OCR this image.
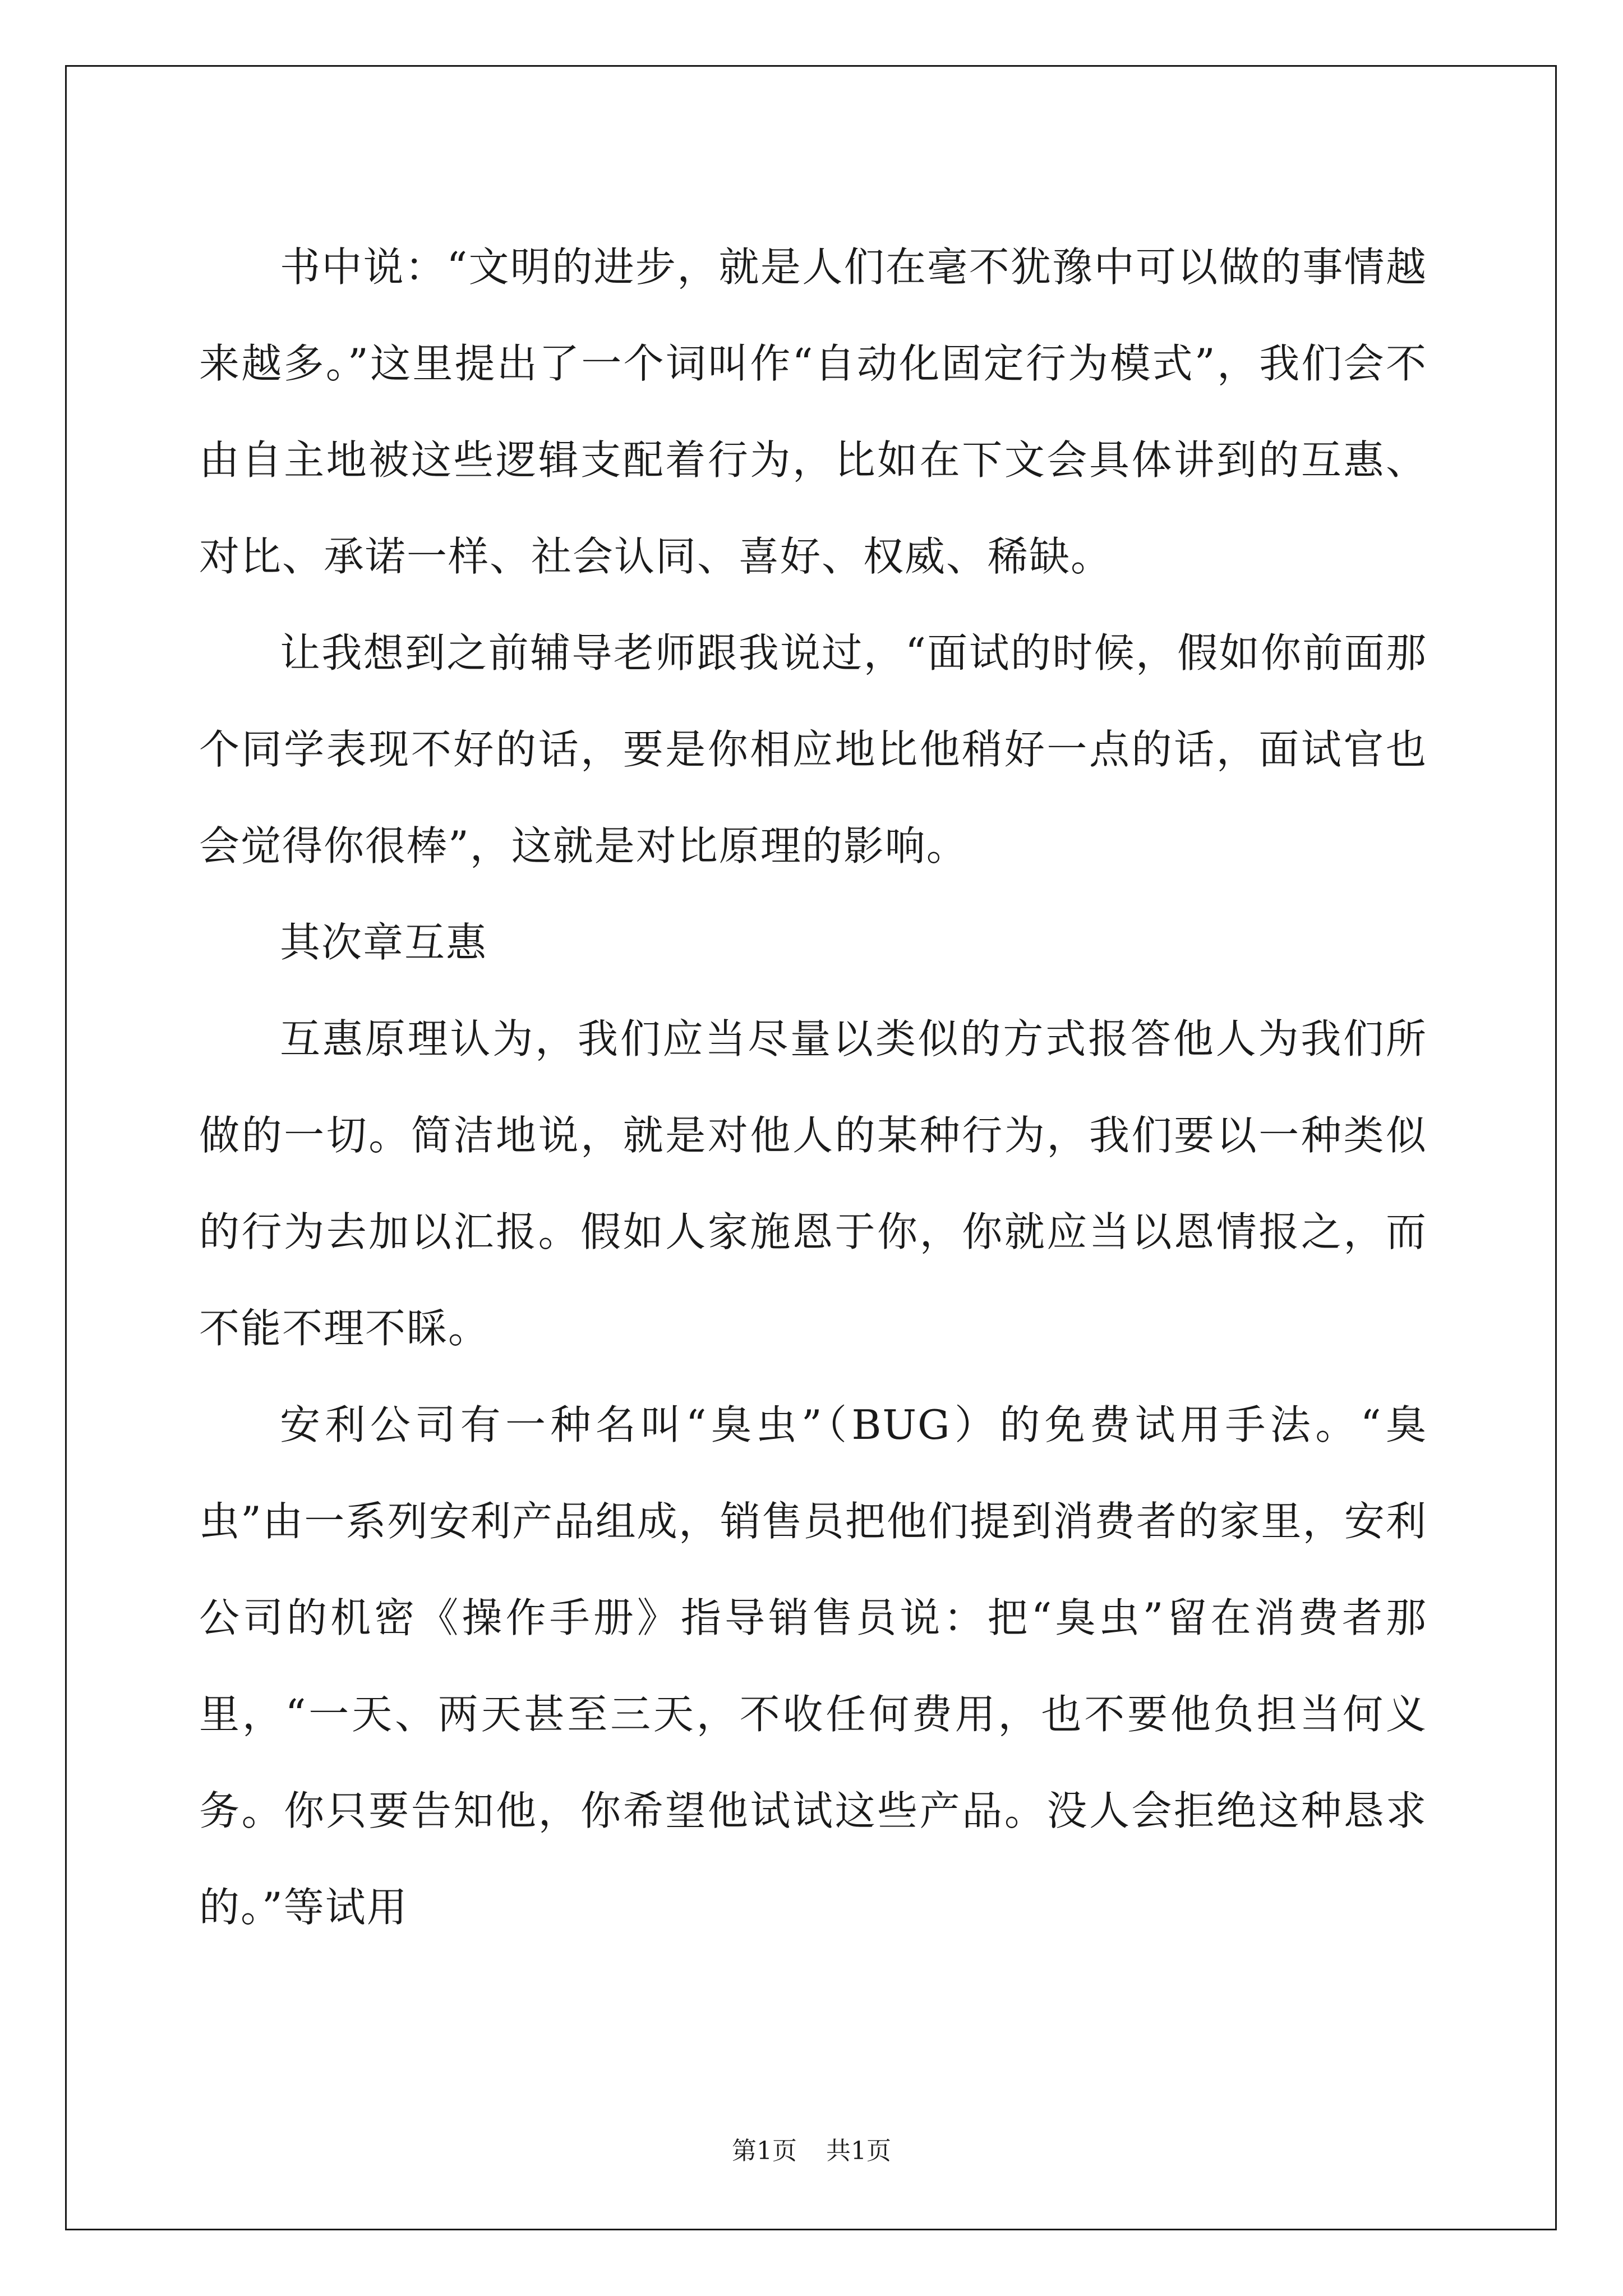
书中说：“文明的进步，就是人们在毫不犹豫中可以做的事情越来越多。”这里提出了一个词叫作“自动化固定行为模式”，我们会不由自主地被这些逻辑支配着行为，比如在下文会具体讲到的互惠、对比、承诺一样、社会认同、喜好、权威、稀缺。

让我想到之前辅导老师跟我说过，“面试的时候，假如你前面那个同学表现不好的话，要是你相应地比他稍好一点的话，面试官也会觉得你很棒”，这就是对比原理的影响。

其次章互惠

互惠原理认为，我们应当尽量以类似的方式报答他人为我们所做的一切。简洁地说，就是对他人的某种行为，我们要以一种类似的行为去加以汇报。假如人家施恩于你，你就应当以恩情报之，而不能不理不睬。

安利公司有一种名叫“臭虫”（BUG）的免费试用手法。“臭虫”由一系列安利产品组成，销售员把他们提到消费者的家里，安利公司的机密《操作手册》指导销售员说：把“臭虫”留在消费者那里，“一天、两天甚至三天，不收任何费用，也不要他负担当何义务。你只要告知他，你希望他试试这些产品。没人会拒绝这种恳求的。”等试用

第1页 共1页
